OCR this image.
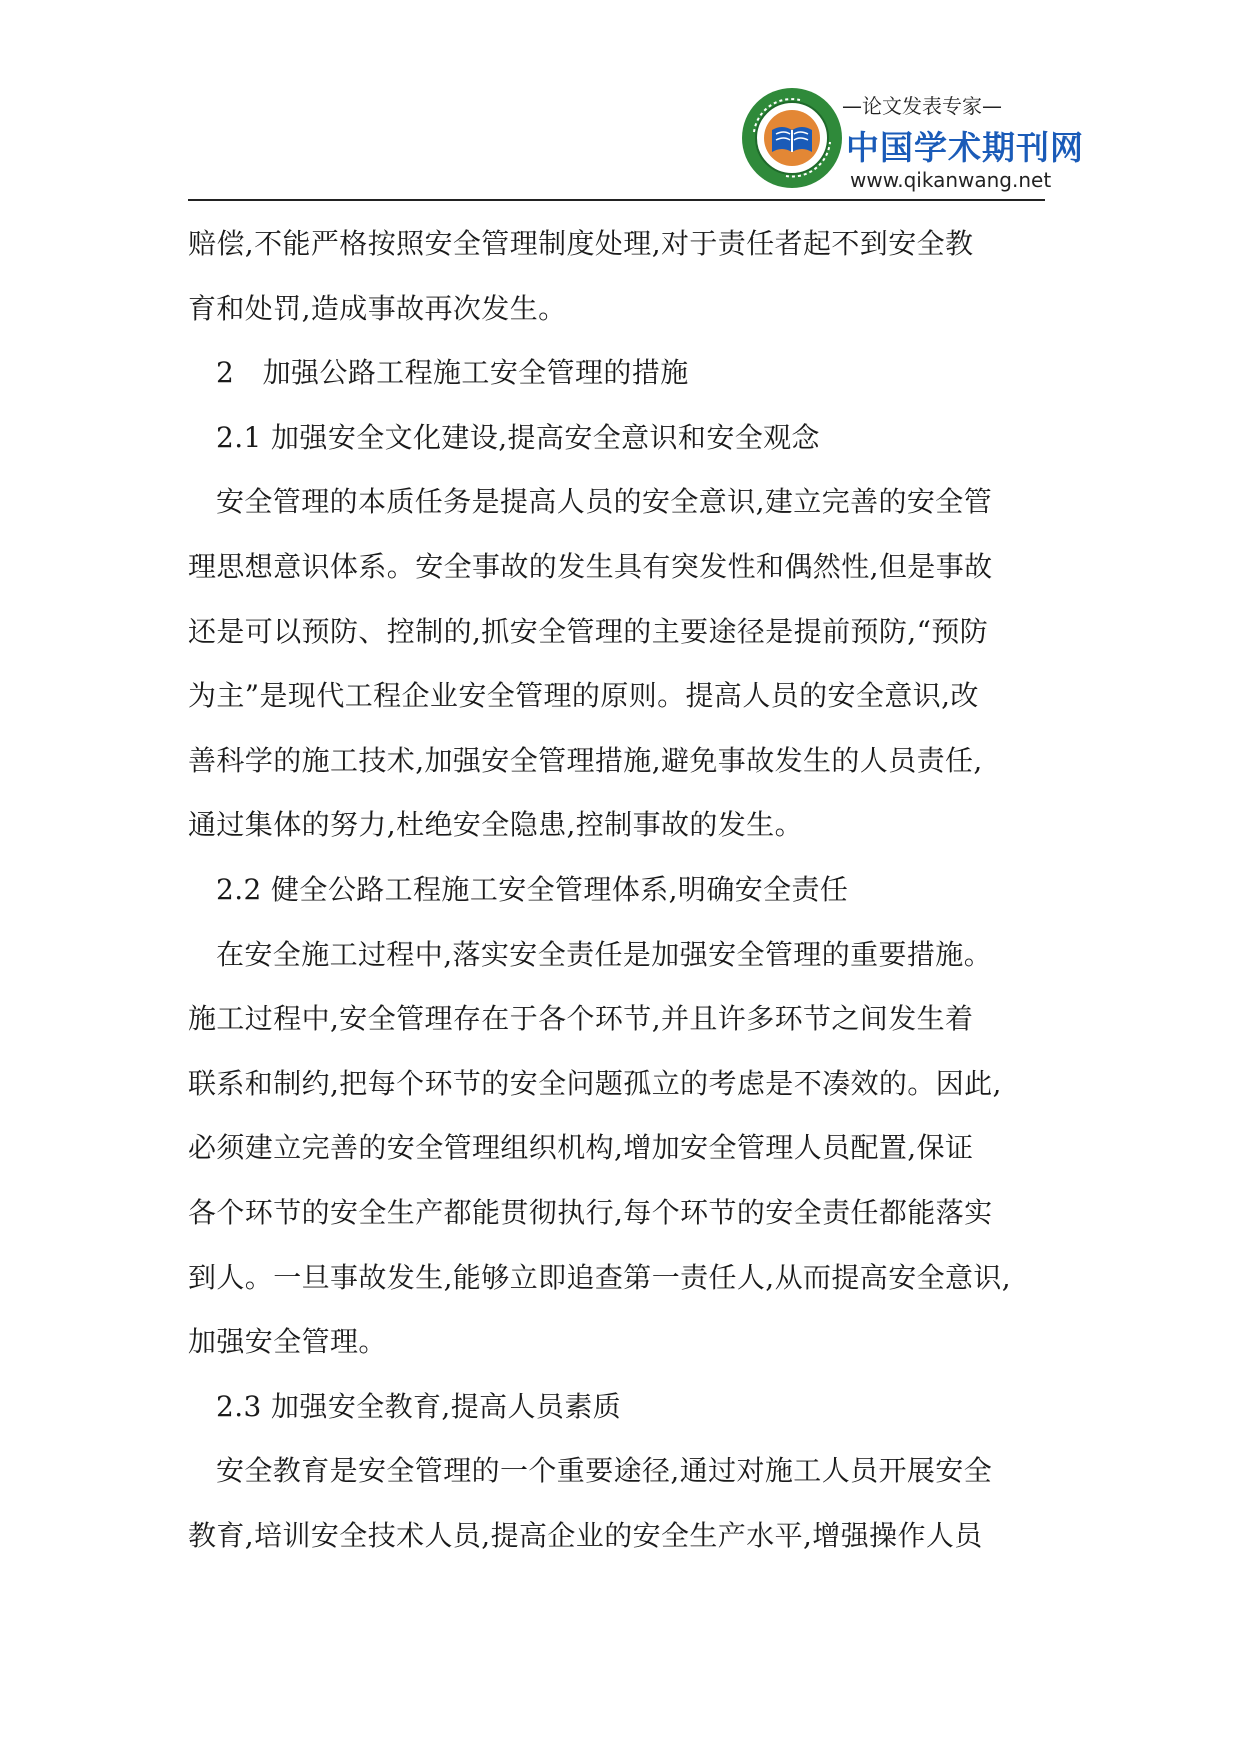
—论文发表专家—
中国学术期刊网
www.qikanwang.net
赔偿,不能严格按照安全管理制度处理,对于责任者起不到安全教
育和处罚,造成事故再次发生。
2　加强公路工程施工安全管理的措施
2.1 加强安全文化建设,提高安全意识和安全观念
安全管理的本质任务是提高人员的安全意识,建立完善的安全管
理思想意识体系。安全事故的发生具有突发性和偶然性,但是事故
还是可以预防、控制的,抓安全管理的主要途径是提前预防,“预防
为主”是现代工程企业安全管理的原则。提高人员的安全意识,改
善科学的施工技术,加强安全管理措施,避免事故发生的人员责任,
通过集体的努力,杜绝安全隐患,控制事故的发生。
2.2 健全公路工程施工安全管理体系,明确安全责任
在安全施工过程中,落实安全责任是加强安全管理的重要措施。
施工过程中,安全管理存在于各个环节,并且许多环节之间发生着
联系和制约,把每个环节的安全问题孤立的考虑是不凑效的。因此,
必须建立完善的安全管理组织机构,增加安全管理人员配置,保证
各个环节的安全生产都能贯彻执行,每个环节的安全责任都能落实
到人。一旦事故发生,能够立即追查第一责任人,从而提高安全意识,
加强安全管理。
2.3 加强安全教育,提高人员素质
安全教育是安全管理的一个重要途径,通过对施工人员开展安全
教育,培训安全技术人员,提高企业的安全生产水平,增强操作人员
